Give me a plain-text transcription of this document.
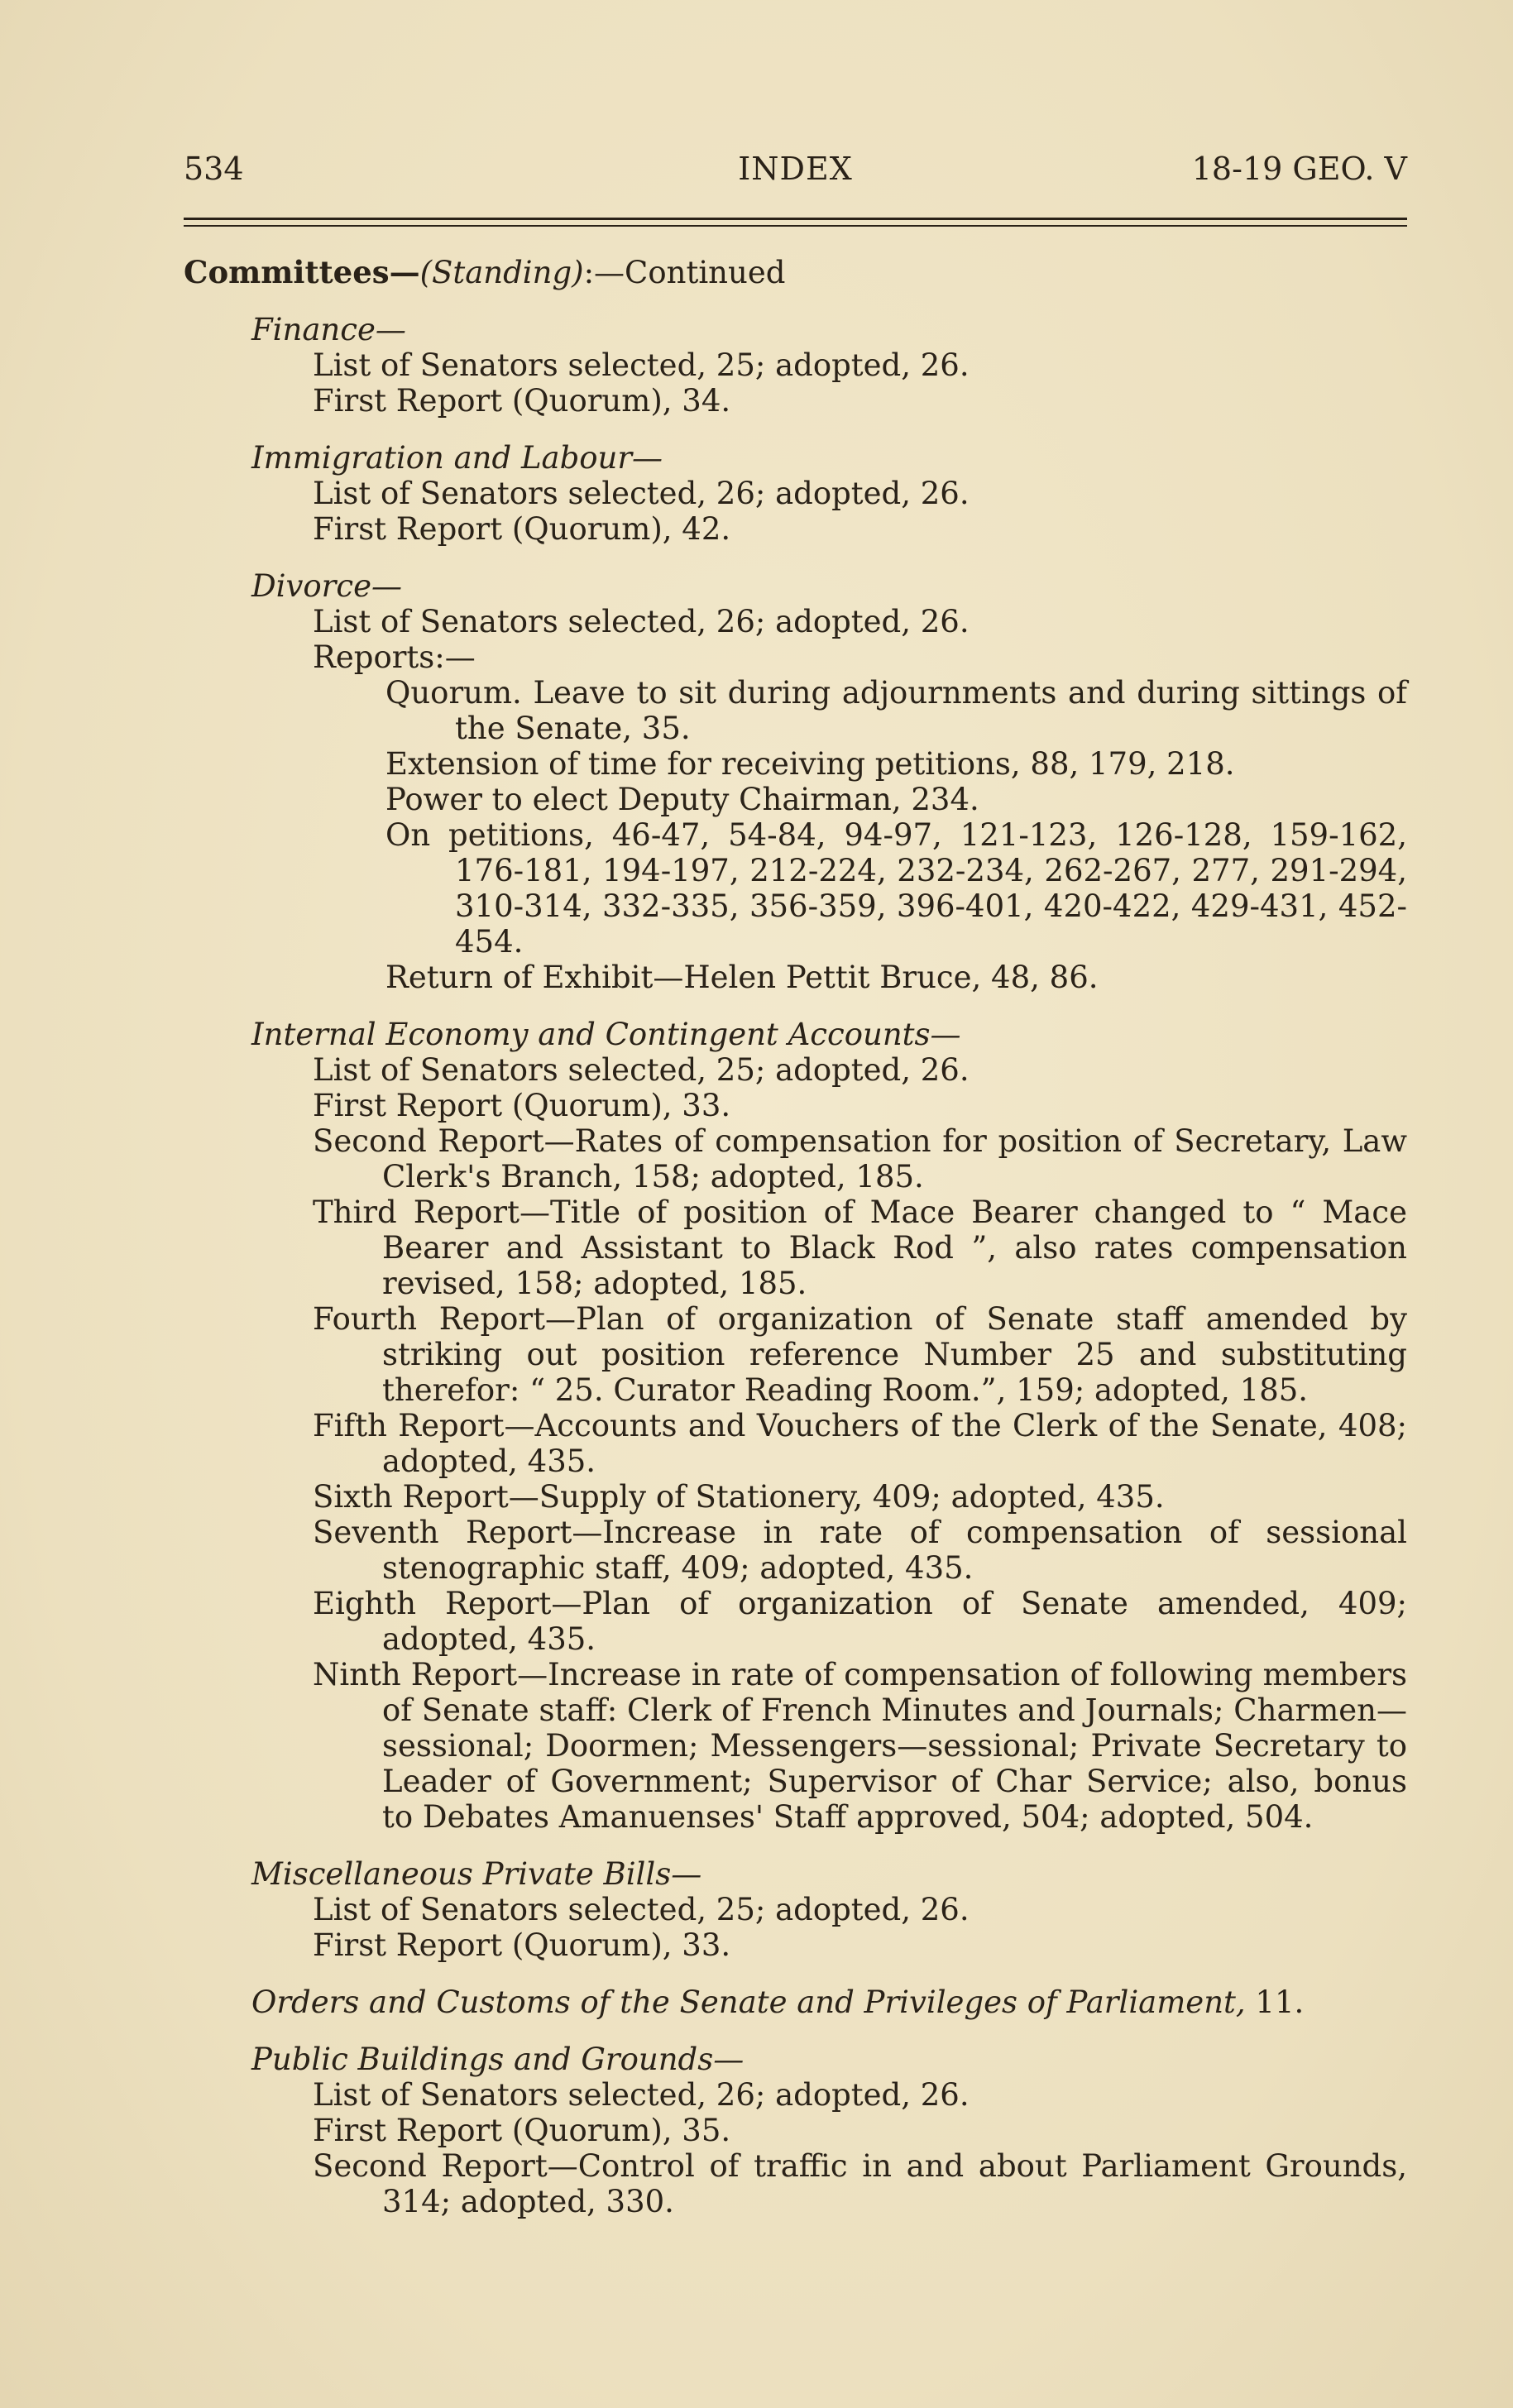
534	INDEX	18-19 GEO. V

Committees—(Standing):—Continued

Finance—
List of Senators selected, 25; adopted, 26.
First Report (Quorum), 34.
Immigration and Labour—
List of Senators selected, 26; adopted, 26.
First Report (Quorum), 42.
Divorce—
List of Senators selected, 26; adopted, 26.
Reports:—
Quorum. Leave to sit during adjournments and during sittings of the Senate, 35.
Extension of time for receiving petitions, 88, 179, 218.
Power to elect Deputy Chairman, 234.
On petitions, 46-47, 54-84, 94-97, 121-123, 126-128, 159-162, 176-181, 194-197, 212-224, 232-234, 262-267, 277, 291-294, 310-314, 332-335, 356-359, 396-401, 420-422, 429-431, 452-454.
Return of Exhibit—Helen Pettit Bruce, 48, 86.
Internal Economy and Contingent Accounts—
List of Senators selected, 25; adopted, 26.
First Report (Quorum), 33.
Second Report—Rates of compensation for position of Secretary, Law Clerk's Branch, 158; adopted, 185.
Third Report—Title of position of Mace Bearer changed to “ Mace Bearer and Assistant to Black Rod ”, also rates compensation revised, 158; adopted, 185.
Fourth Report—Plan of organization of Senate staff amended by striking out position reference Number 25 and substituting therefor: “ 25. Curator Reading Room.”, 159; adopted, 185.
Fifth Report—Accounts and Vouchers of the Clerk of the Senate, 408; adopted, 435.
Sixth Report—Supply of Stationery, 409; adopted, 435.
Seventh Report—Increase in rate of compensation of sessional stenographic staff, 409; adopted, 435.
Eighth Report—Plan of organization of Senate amended, 409; adopted, 435.
Ninth Report—Increase in rate of compensation of following members of Senate staff: Clerk of French Minutes and Journals; Charmen—sessional; Doormen; Messengers—sessional; Private Secretary to Leader of Government; Supervisor of Char Service; also, bonus to Debates Amanuenses' Staff approved, 504; adopted, 504.
Miscellaneous Private Bills—
List of Senators selected, 25; adopted, 26.
First Report (Quorum), 33.
Orders and Customs of the Senate and Privileges of Parliament, 11.
Public Buildings and Grounds—
List of Senators selected, 26; adopted, 26.
First Report (Quorum), 35.
Second Report—Control of traffic in and about Parliament Grounds, 314; adopted, 330.
